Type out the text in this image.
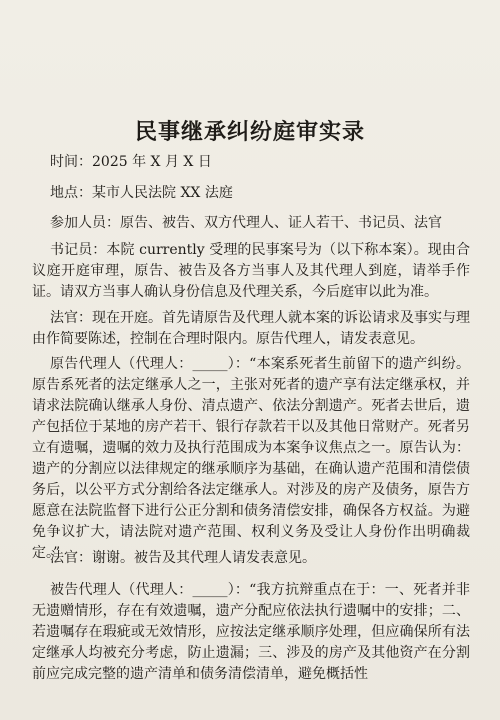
民事继承纠纷庭审实录
时间：2025 年 X 月 X 日
地点：某市人民法院 XX 法庭
参加人员：原告、被告、双方代理人、证人若干、书记员、法官
书记员：本院 currently 受理的民事案号为（以下称本案）。现由合议庭开庭审理，原告、被告及各方当事人及其代理人到庭，请举手作证。请双方当事人确认身份信息及代理关系，今后庭审以此为准。
法官：现在开庭。首先请原告及代理人就本案的诉讼请求及事实与理由作简要陈述，控制在合理时限内。原告代理人，请发表意见。
原告代理人（代理人：_____）：“本案系死者生前留下的遗产纠纷。原告系死者的法定继承人之一，主张对死者的遗产享有法定继承权，并请求法院确认继承人身份、清点遗产、依法分割遗产。死者去世后，遗产包括位于某地的房产若干、银行存款若干以及其他日常财产。死者另立有遗嘱，遗嘱的效力及执行范围成为本案争议焦点之一。原告认为：遗产的分割应以法律规定的继承顺序为基础，在确认遗产范围和清偿债务后，以公平方式分割给各法定继承人。对涉及的房产及债务，原告方愿意在法院监督下进行公正分割和债务清偿安排，确保各方权益。为避免争议扩大，请法院对遗产范围、权利义务及受让人身份作出明确裁定。”
法官：谢谢。被告及其代理人请发表意见。
被告代理人（代理人：_____）：“我方抗辩重点在于：一、死者并非无遗赠情形，存在有效遗嘱，遗产分配应依法执行遗嘱中的安排；二、若遗嘱存在瑕疵或无效情形，应按法定继承顺序处理，但应确保所有法定继承人均被充分考虑，防止遗漏；三、涉及的房产及其他资产在分割前应完成完整的遗产清单和债务清偿清单，避免概括性
